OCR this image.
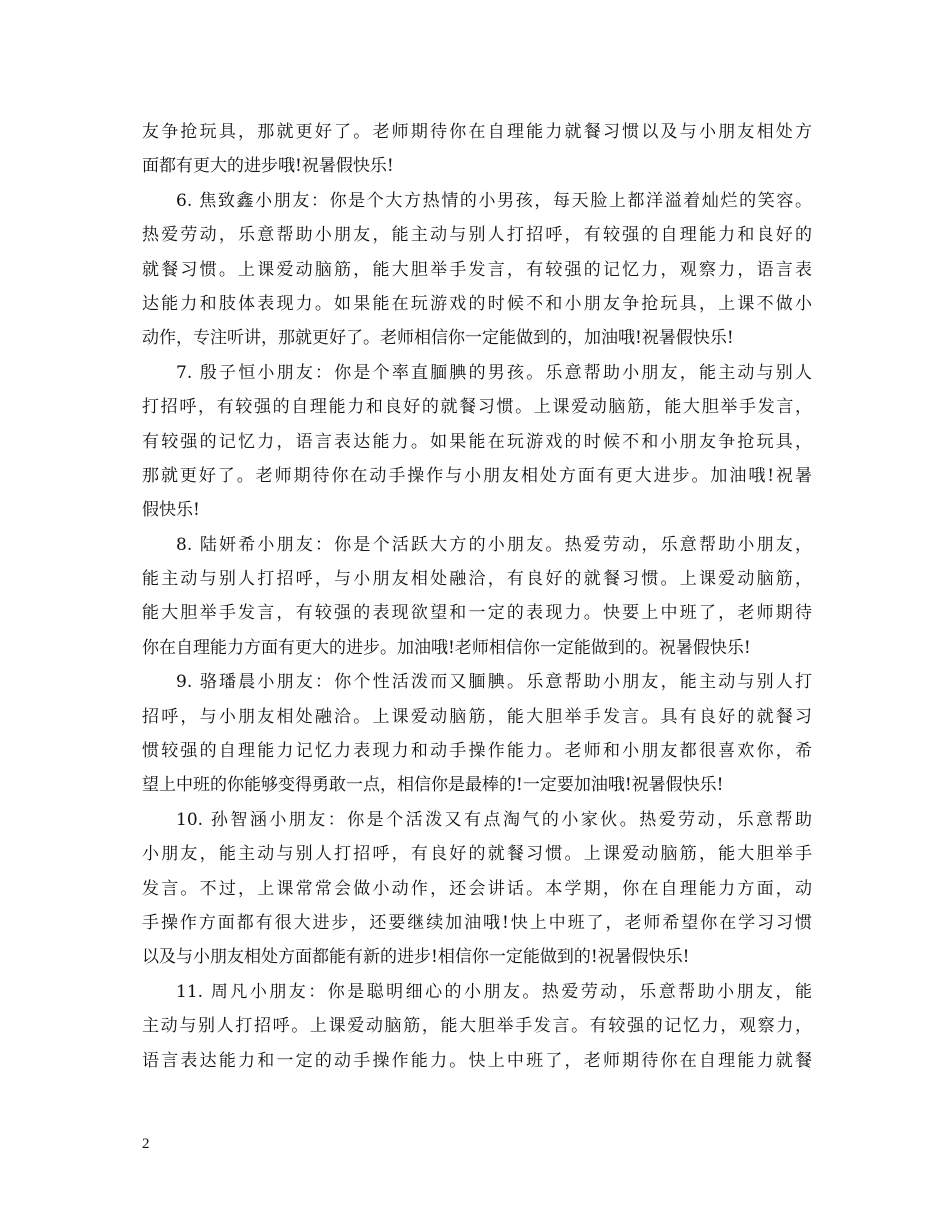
友争抢玩具，那就更好了。老师期待你在自理能力就餐习惯以及与小朋友相处方
面都有更大的进步哦!祝暑假快乐!
6. 焦致鑫小朋友：你是个大方热情的小男孩，每天脸上都洋溢着灿烂的笑容。
热爱劳动，乐意帮助小朋友，能主动与别人打招呼，有较强的自理能力和良好的
就餐习惯。上课爱动脑筋，能大胆举手发言，有较强的记忆力，观察力，语言表
达能力和肢体表现力。如果能在玩游戏的时候不和小朋友争抢玩具，上课不做小
动作，专注听讲，那就更好了。老师相信你一定能做到的，加油哦!祝暑假快乐!
7. 殷子恒小朋友：你是个率直腼腆的男孩。乐意帮助小朋友，能主动与别人
打招呼，有较强的自理能力和良好的就餐习惯。上课爱动脑筋，能大胆举手发言，
有较强的记忆力，语言表达能力。如果能在玩游戏的时候不和小朋友争抢玩具，
那就更好了。老师期待你在动手操作与小朋友相处方面有更大进步。加油哦!祝暑
假快乐!
8. 陆妍希小朋友：你是个活跃大方的小朋友。热爱劳动，乐意帮助小朋友，
能主动与别人打招呼，与小朋友相处融洽，有良好的就餐习惯。上课爱动脑筋，
能大胆举手发言，有较强的表现欲望和一定的表现力。快要上中班了，老师期待
你在自理能力方面有更大的进步。加油哦!老师相信你一定能做到的。祝暑假快乐!
9. 骆璠晨小朋友：你个性活泼而又腼腆。乐意帮助小朋友，能主动与别人打
招呼，与小朋友相处融洽。上课爱动脑筋，能大胆举手发言。具有良好的就餐习
惯较强的自理能力记忆力表现力和动手操作能力。老师和小朋友都很喜欢你，希
望上中班的你能够变得勇敢一点，相信你是最棒的!一定要加油哦!祝暑假快乐!
10. 孙智涵小朋友：你是个活泼又有点淘气的小家伙。热爱劳动，乐意帮助
小朋友，能主动与别人打招呼，有良好的就餐习惯。上课爱动脑筋，能大胆举手
发言。不过，上课常常会做小动作，还会讲话。本学期，你在自理能力方面，动
手操作方面都有很大进步，还要继续加油哦!快上中班了，老师希望你在学习习惯
以及与小朋友相处方面都能有新的进步!相信你一定能做到的!祝暑假快乐!
11. 周凡小朋友：你是聪明细心的小朋友。热爱劳动，乐意帮助小朋友，能
主动与别人打招呼。上课爱动脑筋，能大胆举手发言。有较强的记忆力，观察力，
语言表达能力和一定的动手操作能力。快上中班了，老师期待你在自理能力就餐
2
